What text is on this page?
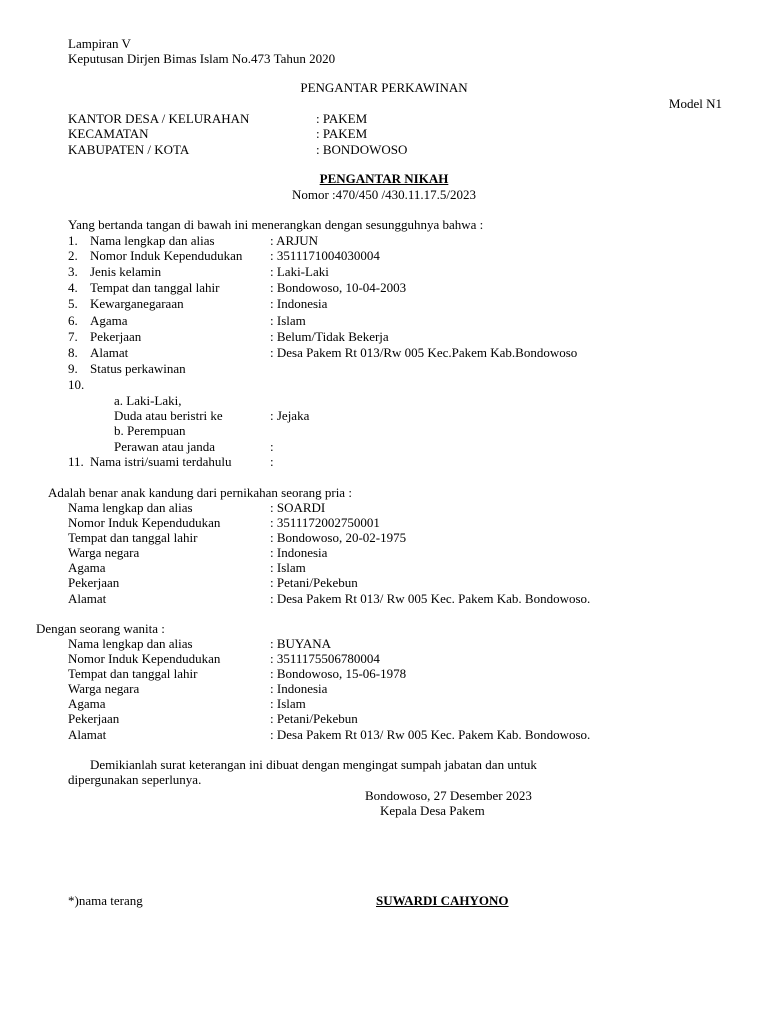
Lampiran V
Keputusan Dirjen Bimas Islam No.473 Tahun 2020
PENGANTAR PERKAWINAN
Model N1
KANTOR DESA / KELURAHAN	: PAKEM
KECAMATAN	: PAKEM
KABUPATEN / KOTA	: BONDOWOSO
PENGANTAR NIKAH
Nomor :470/450 /430.11.17.5/2023
Yang bertanda tangan di bawah ini menerangkan dengan sesungguhnya bahwa :
1. Nama lengkap dan alias	: ARJUN
2. Nomor Induk Kependudukan : 3511171004030004
3. Jenis kelamin	: Laki-Laki
4. Tempat dan tanggal lahir	: Bondowoso, 10-04-2003
5. Kewarganegaraan	: Indonesia
6. Agama	: Islam
7. Pekerjaan	: Belum/Tidak Bekerja
8. Alamat	: Desa Pakem Rt 013/Rw 005 Kec.Pakem Kab.Bondowoso
9. Status perkawinan
10.
a. Laki-Laki,
Duda atau beristri ke	: Jejaka
b. Perempuan
Perawan atau janda	:
11. Nama istri/suami terdahulu	:
Adalah benar anak kandung dari pernikahan seorang pria :
Nama lengkap dan alias	: SOARDI
Nomor Induk Kependudukan	: 3511172002750001
Tempat dan tanggal lahir	: Bondowoso, 20-02-1975
Warga negara	: Indonesia
Agama	: Islam
Pekerjaan	: Petani/Pekebun
Alamat	: Desa Pakem Rt 013/ Rw 005 Kec. Pakem Kab. Bondowoso.
Dengan seorang wanita :
Nama lengkap dan alias	: BUYANA
Nomor Induk Kependudukan	: 3511175506780004
Tempat dan tanggal lahir	: Bondowoso, 15-06-1978
Warga negara	: Indonesia
Agama	: Islam
Pekerjaan	: Petani/Pekebun
Alamat	: Desa Pakem Rt 013/ Rw 005 Kec. Pakem Kab. Bondowoso.
Demikianlah surat keterangan ini dibuat dengan mengingat sumpah jabatan dan untuk
dipergunakan seperlunya.
Bondowoso, 27 Desember 2023
Kepala Desa Pakem
*)nama terang	SUWARDI CAHYONO
